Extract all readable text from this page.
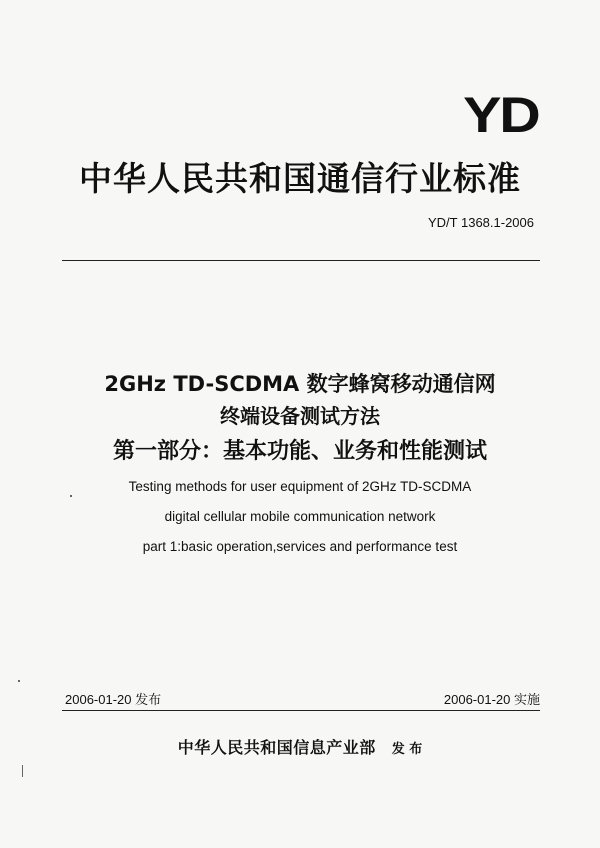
YD
中华人民共和国通信行业标准
YD/T 1368.1-2006
2GHz TD-SCDMA 数字蜂窝移动通信网
终端设备测试方法
第一部分：基本功能、业务和性能测试
Testing methods for user equipment of 2GHz TD-SCDMA
digital cellular mobile communication network
part 1:basic operation,services and performance test
2006-01-20 发布	2006-01-20 实施
中华人民共和国信息产业部 发 布
